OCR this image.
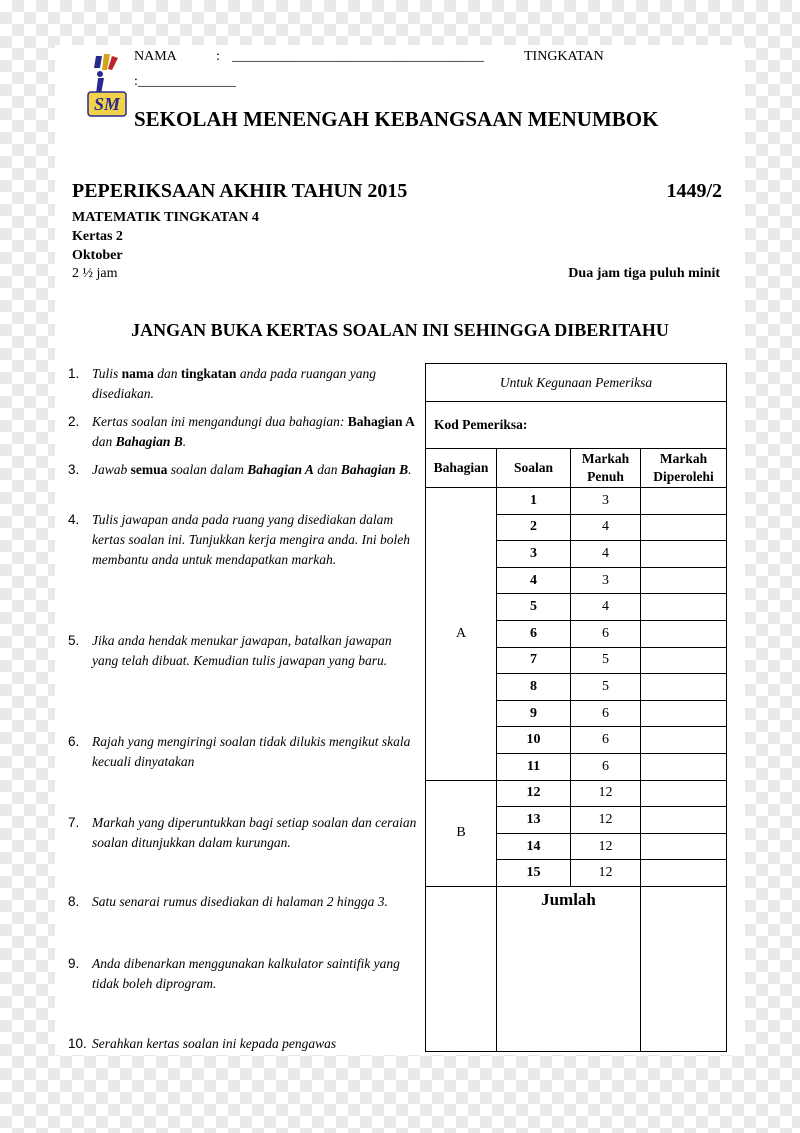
SM
NAMA	: ____________________________________	TINGKATAN
:______________
SEKOLAH MENENGAH KEBANGSAAN MENUMBOK
PEPERIKSAAN AKHIR TAHUN 2015	1449/2
MATEMATIK TINGKATAN 4
Kertas 2
Oktober
2 ½ jam	Dua jam tiga puluh minit
JANGAN BUKA KERTAS SOALAN INI SEHINGGA DIBERITAHU
1. Tulis nama dan tingkatan anda pada ruangan yang disediakan.
2. Kertas soalan ini mengandungi dua bahagian: Bahagian A dan Bahagian B.
3. Jawab semua soalan dalam Bahagian A dan Bahagian B.
4. Tulis jawapan anda pada ruang yang disediakan dalam kertas soalan ini. Tunjukkan kerja mengira anda. Ini boleh membantu anda untuk mendapatkan markah.
5. Jika anda hendak menukar jawapan, batalkan jawapan yang telah dibuat. Kemudian tulis jawapan yang baru.
6. Rajah yang mengiringi soalan tidak dilukis mengikut skala kecuali dinyatakan
7. Markah yang diperuntukkan bagi setiap soalan dan ceraian soalan ditunjukkan dalam kurungan.
8. Satu senarai rumus disediakan di halaman 2 hingga 3.
9. Anda dibenarkan menggunakan kalkulator saintifik yang tidak boleh diprogram.
10. Serahkan kertas soalan ini kepada pengawas
Untuk Kegunaan Pemeriksa			
Kod Pemeriksa:			
Bahagian	Soalan	Markah Penuh	Markah Diperolehi
A	1	3	
	2	4	
	3	4	
	4	3	
	5	4	
	6	6	
	7	5	
	8	5	
	9	6	
	10	6	
	11	6	
B	12	12	
	13	12	
	14	12	
	15	12	

	Jumlah		
